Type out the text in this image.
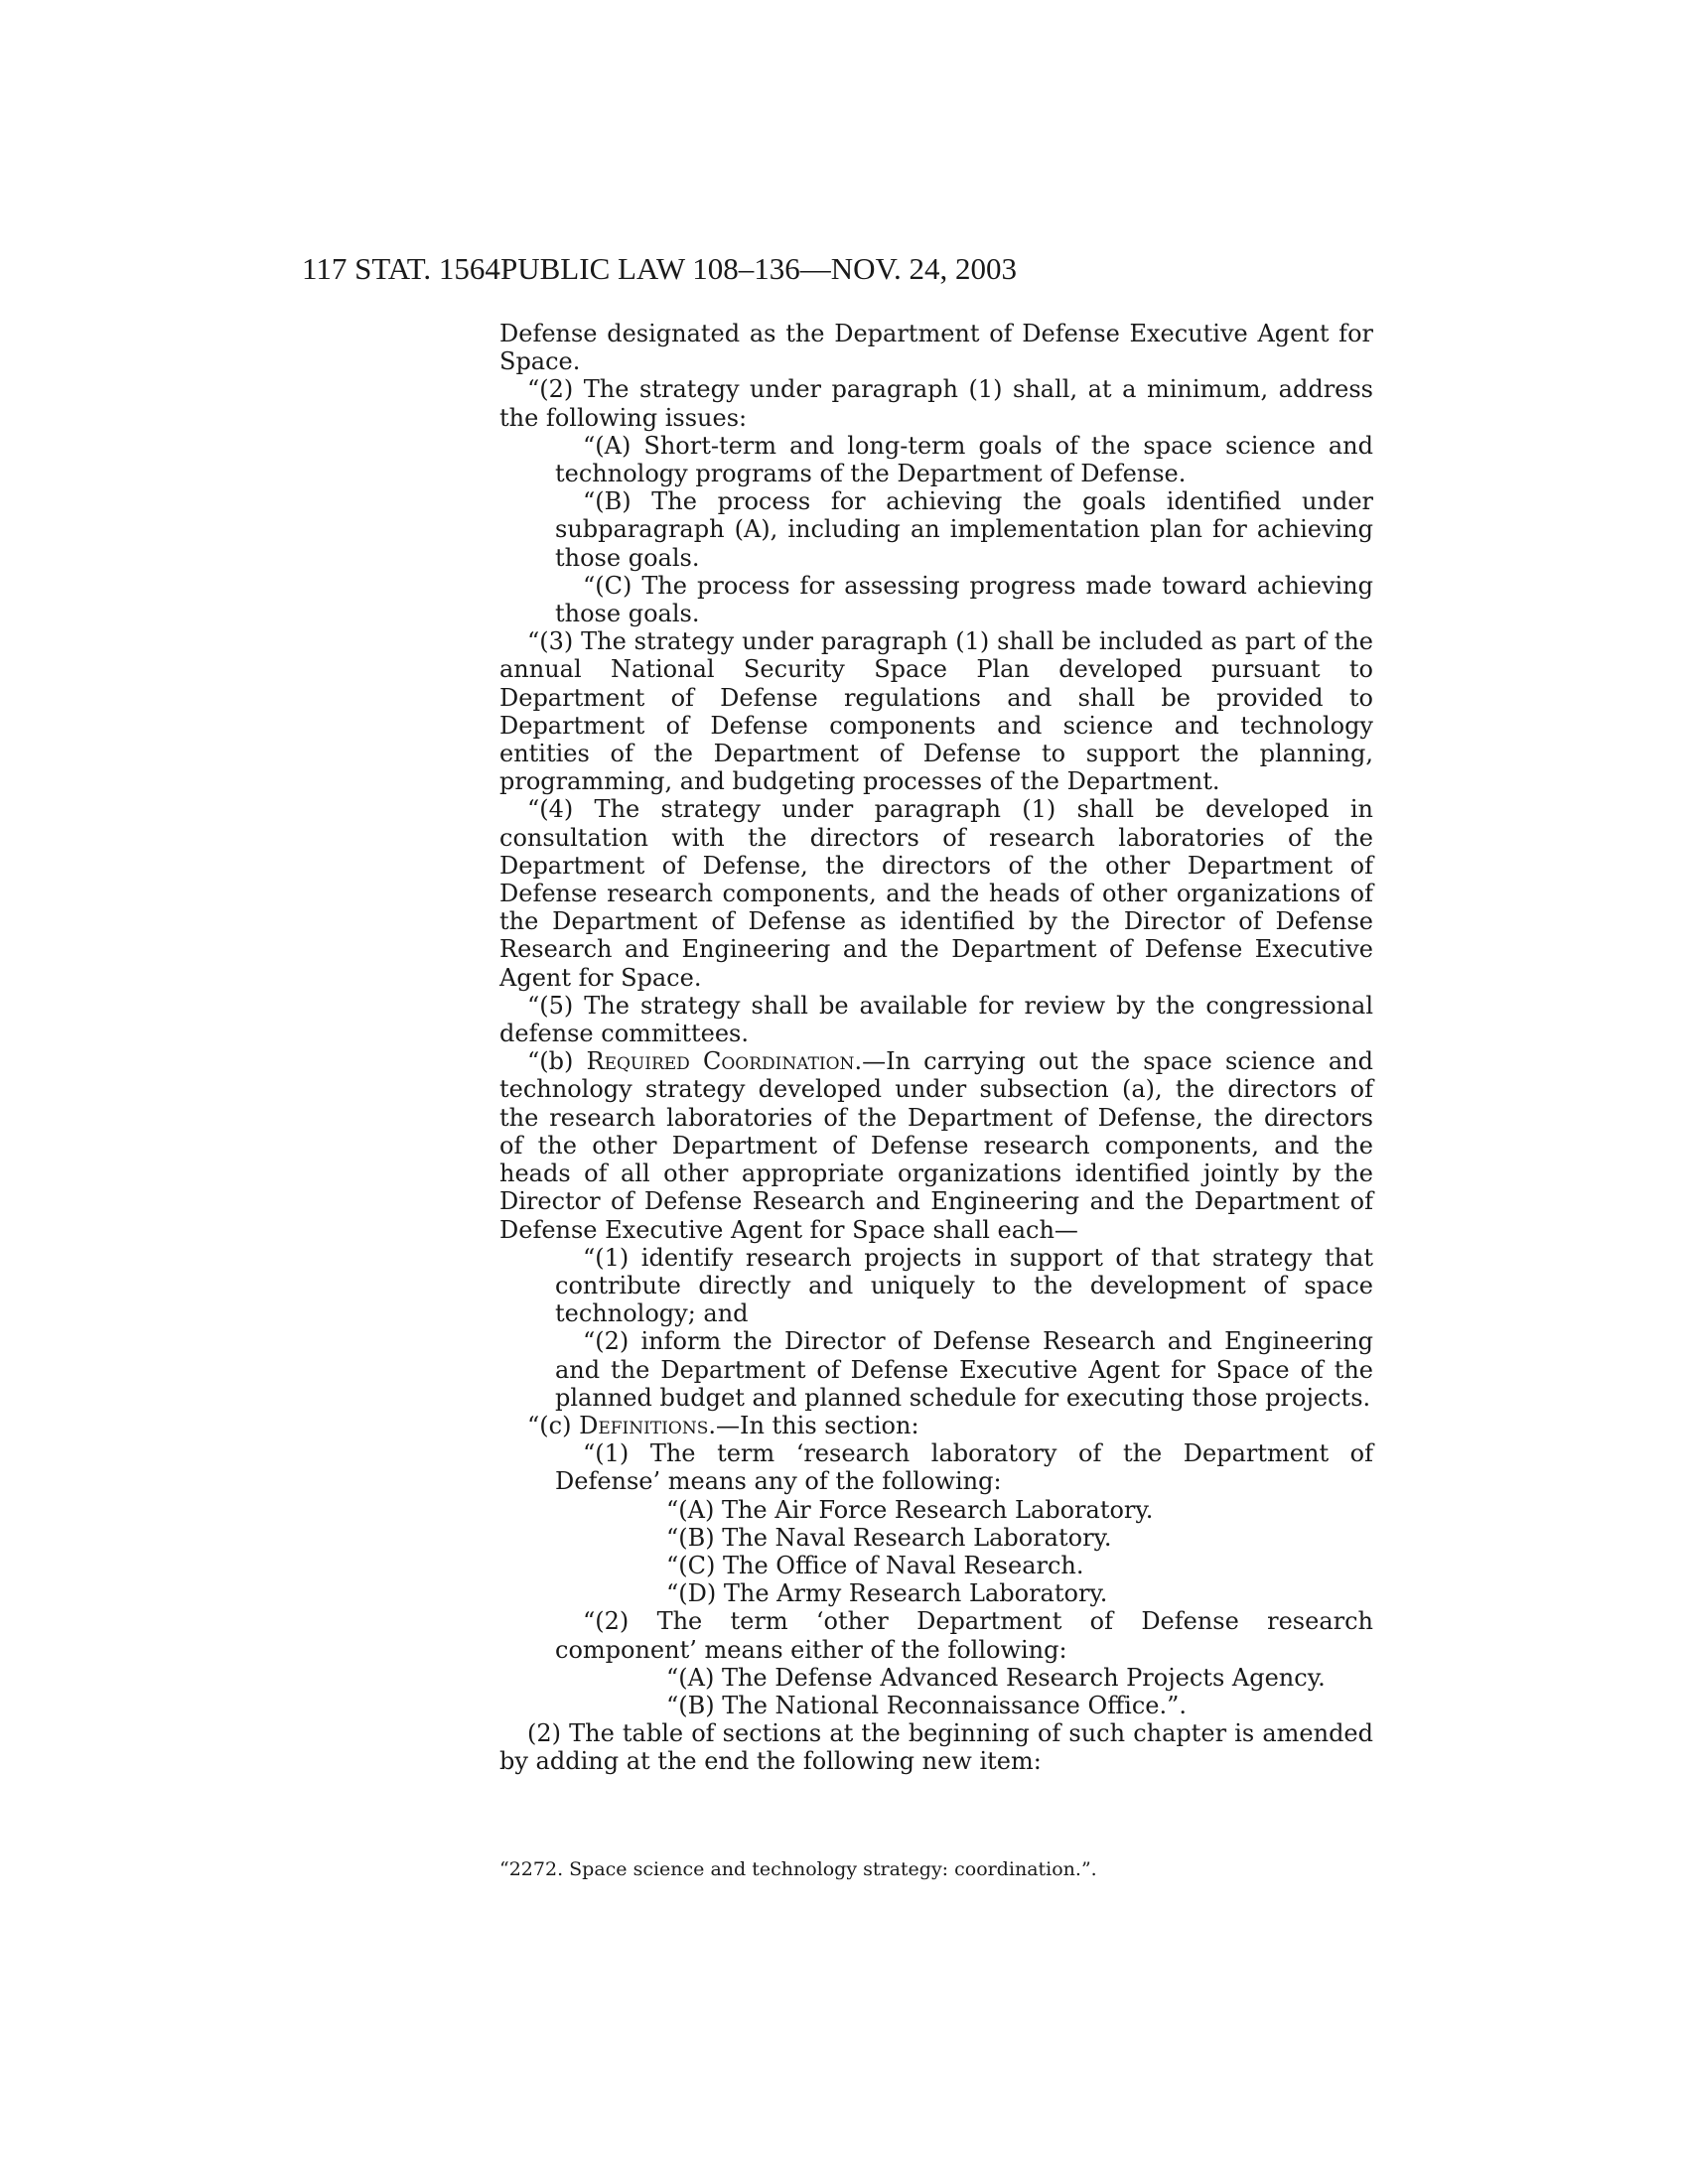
117 STAT. 1564 PUBLIC LAW 108–136—NOV. 24, 2003

Defense designated as the Department of Defense Executive Agent for Space.

“(2) The strategy under paragraph (1) shall, at a minimum, address the following issues:

“(A) Short-term and long-term goals of the space science and technology programs of the Department of Defense.

“(B) The process for achieving the goals identified under subparagraph (A), including an implementation plan for achieving those goals.

“(C) The process for assessing progress made toward achieving those goals.

“(3) The strategy under paragraph (1) shall be included as part of the annual National Security Space Plan developed pursuant to Department of Defense regulations and shall be provided to Department of Defense components and science and technology entities of the Department of Defense to support the planning, programming, and budgeting processes of the Department.

“(4) The strategy under paragraph (1) shall be developed in consultation with the directors of research laboratories of the Department of Defense, the directors of the other Department of Defense research components, and the heads of other organizations of the Department of Defense as identified by the Director of Defense Research and Engineering and the Department of Defense Executive Agent for Space.

“(5) The strategy shall be available for review by the congressional defense committees.

“(b) Required Coordination.—In carrying out the space science and technology strategy developed under subsection (a), the directors of the research laboratories of the Department of Defense, the directors of the other Department of Defense research components, and the heads of all other appropriate organizations identified jointly by the Director of Defense Research and Engineering and the Department of Defense Executive Agent for Space shall each—

“(1) identify research projects in support of that strategy that contribute directly and uniquely to the development of space technology; and

“(2) inform the Director of Defense Research and Engineering and the Department of Defense Executive Agent for Space of the planned budget and planned schedule for executing those projects.

“(c) Definitions.—In this section:

“(1) The term ‘research laboratory of the Department of Defense’ means any of the following:

“(A) The Air Force Research Laboratory.

“(B) The Naval Research Laboratory.

“(C) The Office of Naval Research.

“(D) The Army Research Laboratory.

“(2) The term ‘other Department of Defense research component’ means either of the following:

“(A) The Defense Advanced Research Projects Agency.

“(B) The National Reconnaissance Office.”.

(2) The table of sections at the beginning of such chapter is amended by adding at the end the following new item:

“2272. Space science and technology strategy: coordination.”.
